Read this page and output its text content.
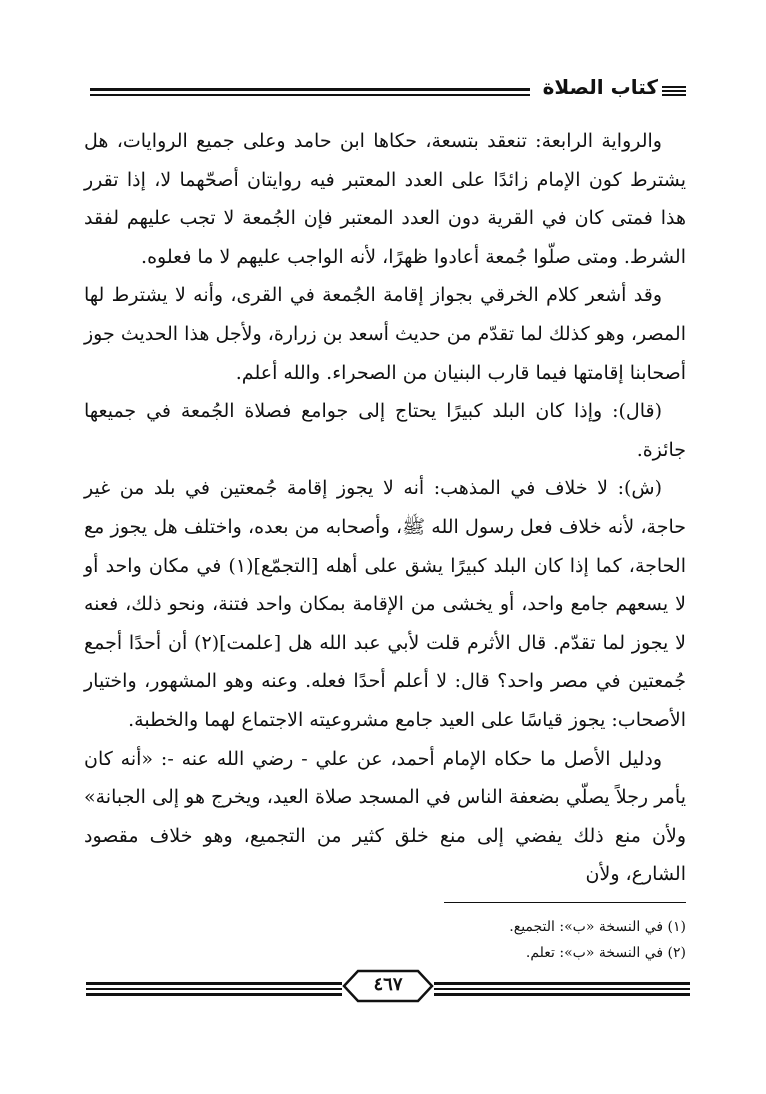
كتاب الصلاة

والرواية الرابعة: تنعقد بتسعة، حكاها ابن حامد وعلى جميع الروايات، هل يشترط كون الإمام زائدًا على العدد المعتبر فيه روايتان أصحّهما لا، إذا تقرر هذا فمتى كان في القرية دون العدد المعتبر فإن الجُمعة لا تجب عليهم لفقد الشرط. ومتى صلّوا جُمعة أعادوا ظهرًا، لأنه الواجب عليهم لا ما فعلوه.

وقد أشعر كلام الخرقي بجواز إقامة الجُمعة في القرى، وأنه لا يشترط لها المصر، وهو كذلك لما تقدّم من حديث أسعد بن زرارة، ولأجل هذا الحديث جوز أصحابنا إقامتها فيما قارب البنيان من الصحراء. والله أعلم.

(قال): وإذا كان البلد كبيرًا يحتاج إلى جوامع فصلاة الجُمعة في جميعها جائزة.

(ش): لا خلاف في المذهب: أنه لا يجوز إقامة جُمعتين في بلد من غير حاجة، لأنه خلاف فعل رسول الله ﷺ، وأصحابه من بعده، واختلف هل يجوز مع الحاجة، كما إذا كان البلد كبيرًا يشق على أهله [التجمّع](١) في مكان واحد أو لا يسعهم جامع واحد، أو يخشى من الإقامة بمكان واحد فتنة، ونحو ذلك، فعنه لا يجوز لما تقدّم. قال الأثرم قلت لأبي عبد الله هل [علمت](٢) أن أحدًا أجمع جُمعتين في مصر واحد؟ قال: لا أعلم أحدًا فعله. وعنه وهو المشهور، واختيار الأصحاب: يجوز قياسًا على العيد جامع مشروعيته الاجتماع لهما والخطبة.

ودليل الأصل ما حكاه الإمام أحمد، عن علي - رضي الله عنه -: «أنه كان يأمر رجلاً يصلّي بضعفة الناس في المسجد صلاة العيد، ويخرج هو إلى الجبانة» ولأن منع ذلك يفضي إلى منع خلق كثير من التجميع، وهو خلاف مقصود الشارع، ولأن

(١) في النسخة «ب»: التجميع.
(٢) في النسخة «ب»: تعلم.
٤٦٧
